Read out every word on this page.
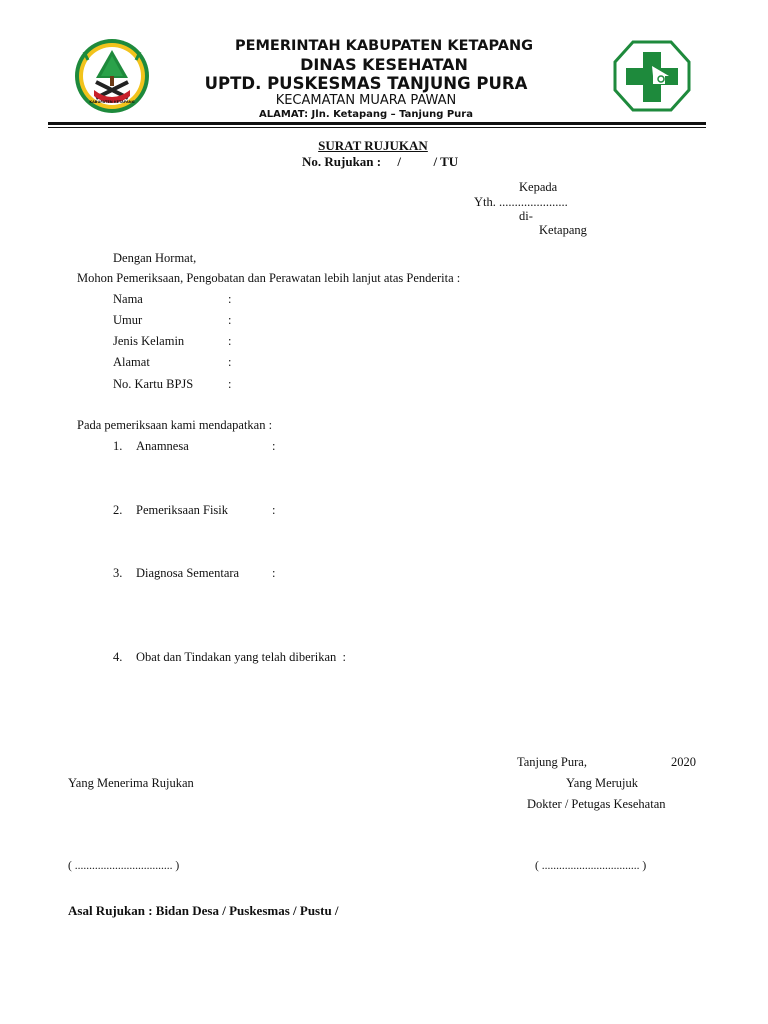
KABUPATEN KETAPANG
PEMERINTAH KABUPATEN KETAPANG
DINAS KESEHATAN
UPTD. PUSKESMAS TANJUNG PURA
KECAMATAN MUARA PAWAN
ALAMAT: Jln. Ketapang – Tanjung Pura
SURAT RUJUKAN
No. Rujukan :     /          / TU
Kepada
Yth. ......................
di-
Ketapang
Dengan Hormat,
Mohon Pemeriksaan, Pengobatan dan Perawatan lebih lanjut atas Penderita :
Nama	:
Umur	:
Jenis Kelamin	:
Alamat	:
No. Kartu BPJS	:
Pada pemeriksaan kami mendapatkan :
1. Anamnesa	:
2. Pemeriksaan Fisik	:
3. Diagnosa Sementara	:
4. Obat dan Tindakan yang telah diberikan  :
Tanjung Pura,	2020
Yang Menerima Rujukan	Yang Merujuk
Dokter / Petugas Kesehatan
( .................................. )	( .................................. )
Asal Rujukan : Bidan Desa / Puskesmas / Pustu /
